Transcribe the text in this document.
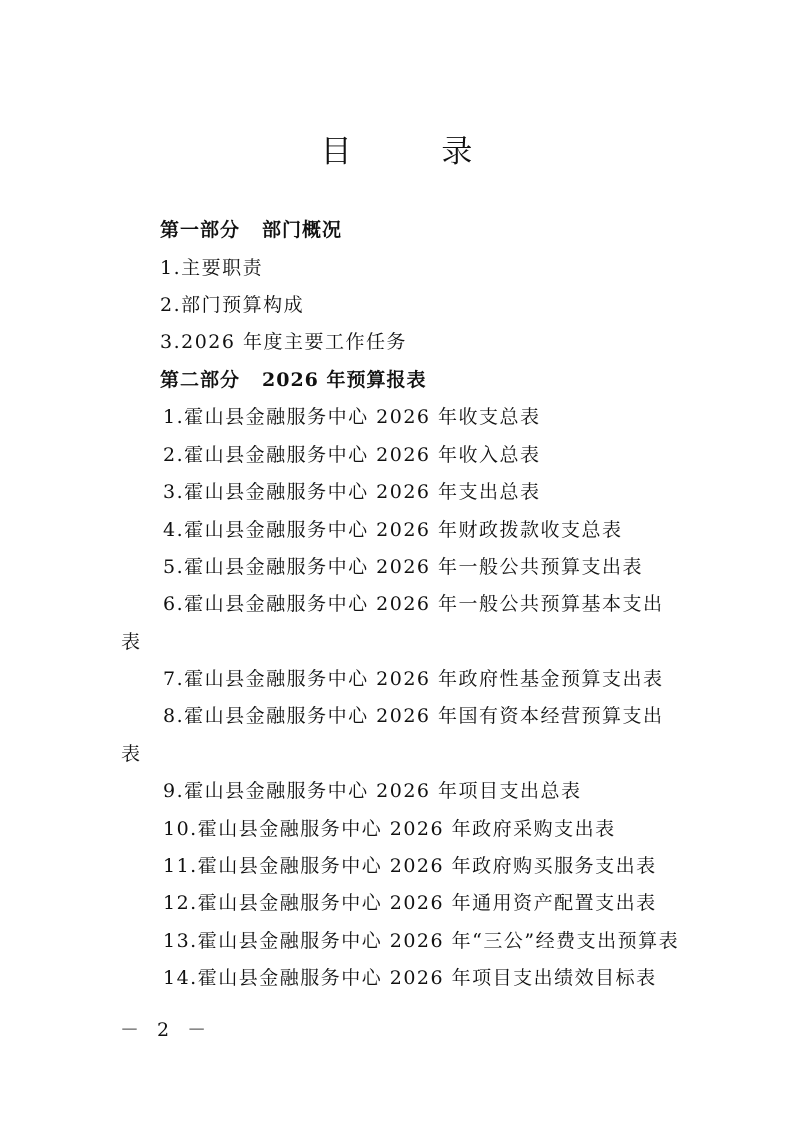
目 录
第一部分 部门概况
1.主要职责
2.部门预算构成
3.2026 年度主要工作任务
第二部分 2026 年预算报表
1.霍山县金融服务中心 2026 年收支总表
2.霍山县金融服务中心 2026 年收入总表
3.霍山县金融服务中心 2026 年支出总表
4.霍山县金融服务中心 2026 年财政拨款收支总表
5.霍山县金融服务中心 2026 年一般公共预算支出表
6.霍山县金融服务中心 2026 年一般公共预算基本支出
表
7.霍山县金融服务中心 2026 年政府性基金预算支出表
8.霍山县金融服务中心 2026 年国有资本经营预算支出
表
9.霍山县金融服务中心 2026 年项目支出总表
10.霍山县金融服务中心 2026 年政府采购支出表
11.霍山县金融服务中心 2026 年政府购买服务支出表
12.霍山县金融服务中心 2026 年通用资产配置支出表
13.霍山县金融服务中心 2026 年“三公”经费支出预算表
14.霍山县金融服务中心 2026 年项目支出绩效目标表
－ 2 －
